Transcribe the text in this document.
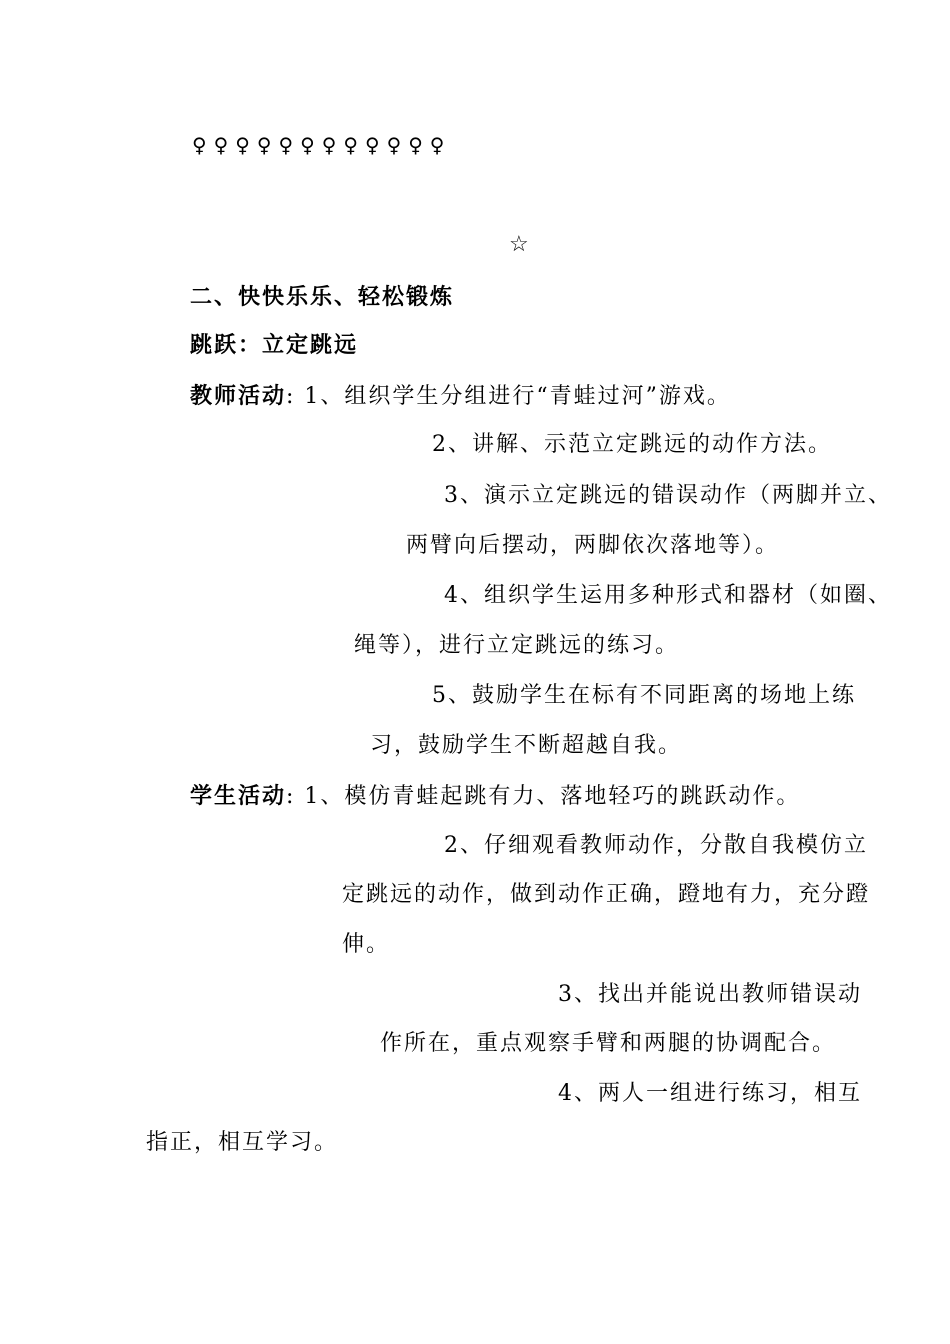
♀♀♀♀♀♀♀♀♀♀♀♀
☆
二、快快乐乐、轻松锻炼
跳跃：立定跳远
教师活动: 1、组织学生分组进行“青蛙过河”游戏。
2、讲解、示范立定跳远的动作方法。
3、演示立定跳远的错误动作（两脚并立、
两臂向后摆动，两脚依次落地等）。
4、组织学生运用多种形式和器材（如圈、
绳等），进行立定跳远的练习。
5、鼓励学生在标有不同距离的场地上练
习，鼓励学生不断超越自我。
学生活动: 1、模仿青蛙起跳有力、落地轻巧的跳跃动作。
2、仔细观看教师动作，分散自我模仿立
定跳远的动作，做到动作正确，蹬地有力，充分蹬
伸。
3、找出并能说出教师错误动
作所在，重点观察手臂和两腿的协调配合。
4、两人一组进行练习，相互
指正，相互学习。
